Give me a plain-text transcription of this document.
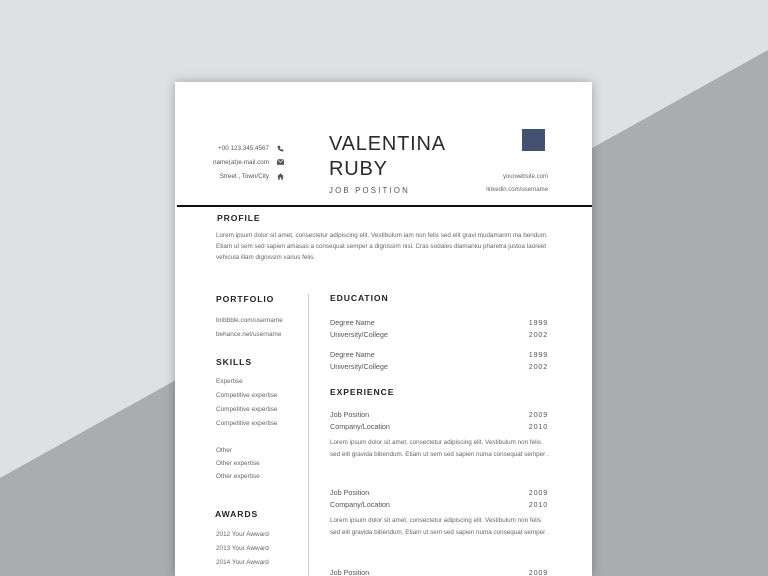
+00 123.345.4567
name(at)e-mail.com
Street , Town/City
VALENTINA
RUBY
JOB POSITION
yourwebsite.com
linkedin.com/username
PROFILE
Lorem ipsum dolor sit amet, consectetur adipiscing elit. Vestibulum iam non felis sed elit gravi mudamanm ma bendum. Etiam ut sem sed sapien amasas a consequat semper a dignissim nisl. Cras sodales diamanku pharetra justoa laoreet vehicula illam dignissim varius felis.
PORTFOLIO
bribbble.com/username
behance.net/username
SKILLS
Expertise
Competitive expertise
Competitive expertise
Competitive expertise
Other
Other expertise
Other expertise
AWARDS
2012 Your Awward
2013 Your Awward
2014 Your Awward
EDUCATION
Degree Name	1999
University/College	2002
Degree Name	1999
University/College	2002
EXPERIENCE
Job Position	2009
Company/Location	2010
Lorem ipsum dolor sit amet, consectetur adipiscing elit. Vestibulum non felis sed elit gravida bibendum. Etiam ut sem sed sapien numa consequat semper .
Job Position	2009
Company/Location	2010
Lorem ipsum dolor sit amet, consectetur adipiscing elit. Vestibulum non felis sed elit gravida bibendum. Etiam ut sem sed sapien numa consequat semper .
Job Position	2009
